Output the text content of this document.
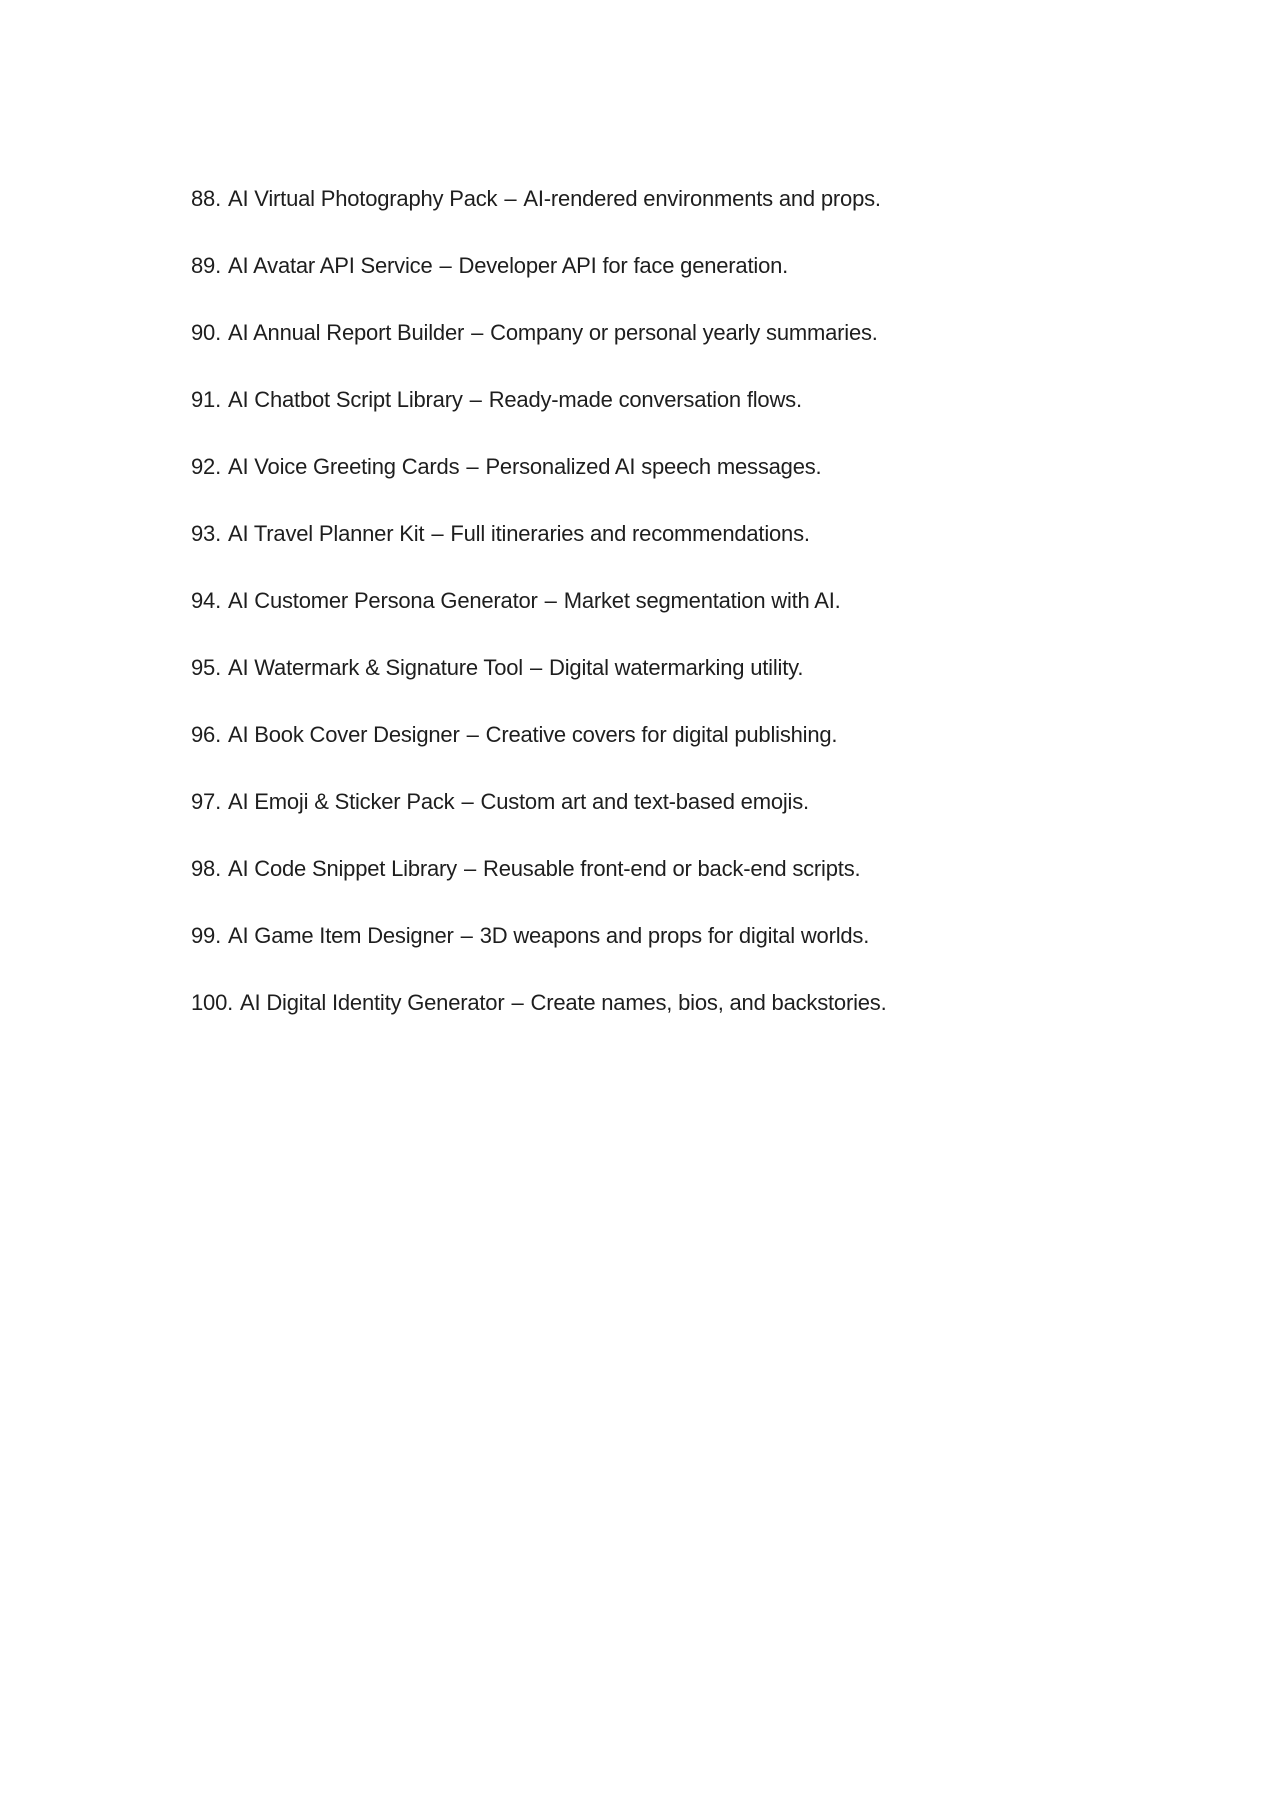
88. AI Virtual Photography Pack – AI-rendered environments and props.
89. AI Avatar API Service – Developer API for face generation.
90. AI Annual Report Builder – Company or personal yearly summaries.
91. AI Chatbot Script Library – Ready-made conversation flows.
92. AI Voice Greeting Cards – Personalized AI speech messages.
93. AI Travel Planner Kit – Full itineraries and recommendations.
94. AI Customer Persona Generator – Market segmentation with AI.
95. AI Watermark & Signature Tool – Digital watermarking utility.
96. AI Book Cover Designer – Creative covers for digital publishing.
97. AI Emoji & Sticker Pack – Custom art and text-based emojis.
98. AI Code Snippet Library – Reusable front-end or back-end scripts.
99. AI Game Item Designer – 3D weapons and props for digital worlds.
100. AI Digital Identity Generator – Create names, bios, and backstories.
